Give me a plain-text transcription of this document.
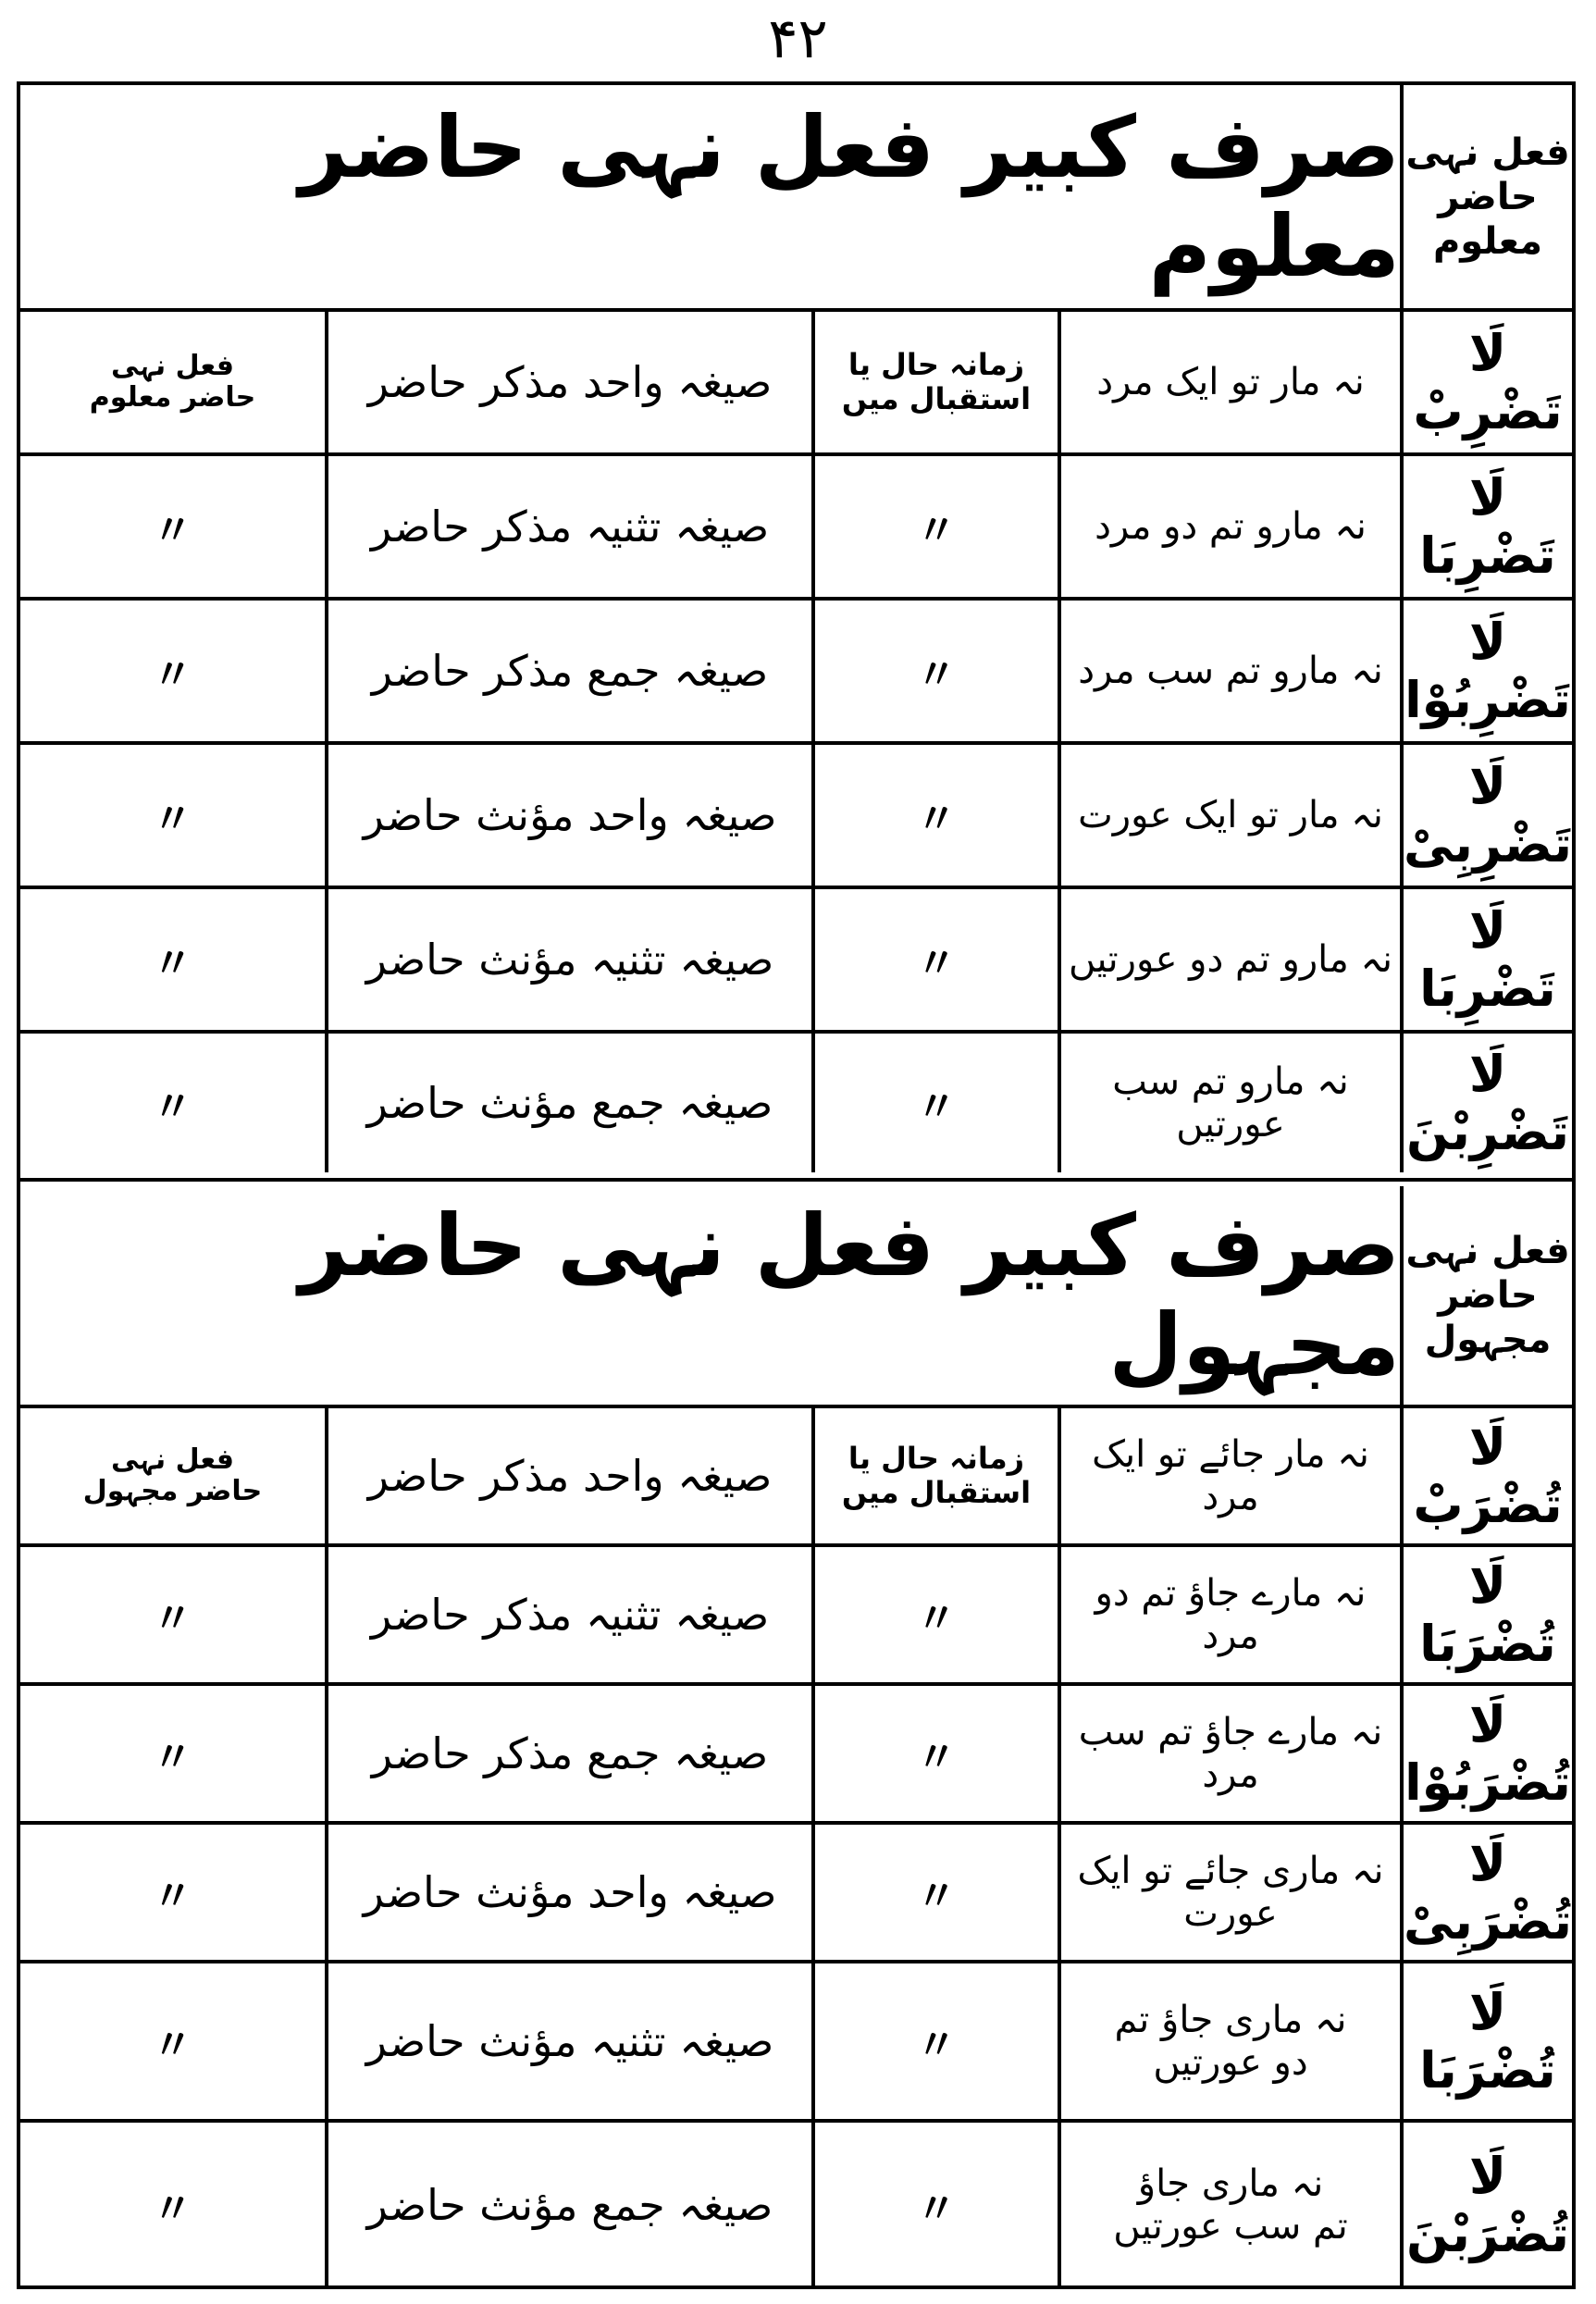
۴۲
صرف کبیر فعل نہی حاضر معلوم
فعل نہی
حاضر معلوم
لَا تَضْرِبْ
نہ مار تو ایک مرد
زمانہ حال یا
استقبال میں
صیغہ واحد مذکر حاضر
فعل نہی
حاضر معلوم
لَا تَضْرِبَا
نہ مارو تم دو مرد
〃
صیغہ تثنیہ مذکر حاضر
〃
لَا تَضْرِبُوْا
نہ مارو تم سب مرد
〃
صیغہ جمع مذکر حاضر
〃
لَا تَضْرِبِیْ
نہ مار تو ایک عورت
〃
صیغہ واحد مؤنث حاضر
〃
لَا تَضْرِبَا
نہ مارو تم دو عورتیں
〃
صیغہ تثنیہ مؤنث حاضر
〃
لَا تَضْرِبْنَ
نہ مارو تم سب عورتیں
〃
صیغہ جمع مؤنث حاضر
〃
صرف کبیر فعل نہی حاضر مجہول
فعل نہی
حاضر مجہول
لَا تُضْرَبْ
نہ مار جائے تو ایک مرد
زمانہ حال یا
استقبال میں
صیغہ واحد مذکر حاضر
فعل نہی
حاضر مجہول
لَا تُضْرَبَا
نہ مارے جاؤ تم دو مرد
〃
صیغہ تثنیہ مذکر حاضر
〃
لَا تُضْرَبُوْا
نہ مارے جاؤ تم سب مرد
〃
صیغہ جمع مذکر حاضر
〃
لَا تُضْرَبِیْ
نہ ماری جائے تو ایک عورت
〃
صیغہ واحد مؤنث حاضر
〃
لَا تُضْرَبَا
نہ ماری جاؤ تم
دو عورتیں
〃
صیغہ تثنیہ مؤنث حاضر
〃
لَا تُضْرَبْنَ
نہ ماری جاؤ
تم سب عورتیں
〃
صیغہ جمع مؤنث حاضر
〃
